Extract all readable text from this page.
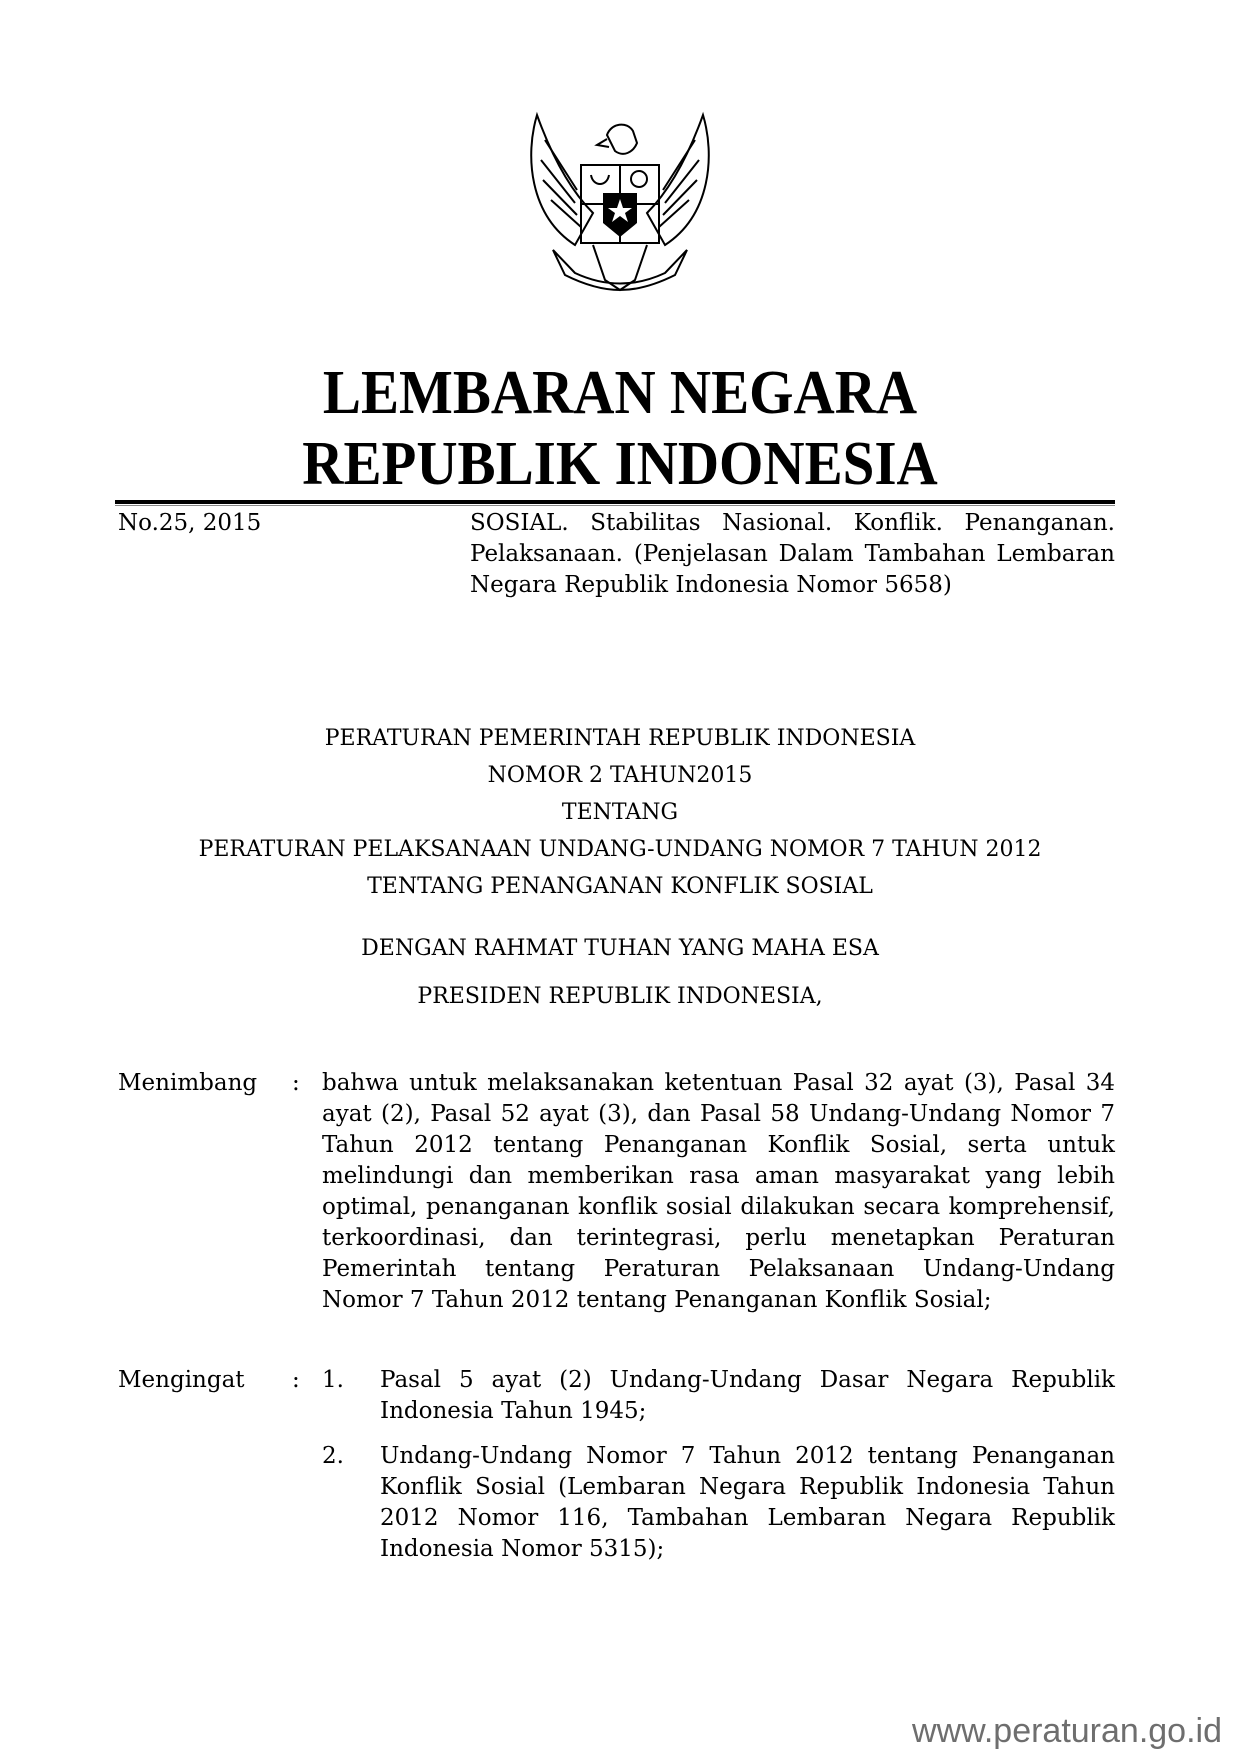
LEMBARAN NEGARA
REPUBLIK INDONESIA
No.25, 2015	SOSIAL. Stabilitas Nasional. Konflik. Penanganan. Pelaksanaan. (Penjelasan Dalam Tambahan Lembaran Negara Republik Indonesia Nomor 5658)
PERATURAN PEMERINTAH REPUBLIK INDONESIA
NOMOR 2 TAHUN2015
TENTANG
PERATURAN PELAKSANAAN UNDANG-UNDANG NOMOR 7 TAHUN 2012
TENTANG PENANGANAN KONFLIK SOSIAL
DENGAN RAHMAT TUHAN YANG MAHA ESA
PRESIDEN REPUBLIK INDONESIA,
Menimbang : bahwa untuk melaksanakan ketentuan Pasal 32 ayat (3), Pasal 34 ayat (2), Pasal 52 ayat (3), dan Pasal 58 Undang-Undang Nomor 7 Tahun 2012 tentang Penanganan Konflik Sosial, serta untuk melindungi dan memberikan rasa aman masyarakat yang lebih optimal, penanganan konflik sosial dilakukan secara komprehensif, terkoordinasi, dan terintegrasi, perlu menetapkan Peraturan Pemerintah tentang Peraturan Pelaksanaan Undang-Undang Nomor 7 Tahun 2012 tentang Penanganan Konflik Sosial;
Mengingat : 1. Pasal 5 ayat (2) Undang-Undang Dasar Negara Republik Indonesia Tahun 1945;
2. Undang-Undang Nomor 7 Tahun 2012 tentang Penanganan Konflik Sosial (Lembaran Negara Republik Indonesia Tahun 2012 Nomor 116, Tambahan Lembaran Negara Republik Indonesia Nomor 5315);
www.peraturan.go.id
